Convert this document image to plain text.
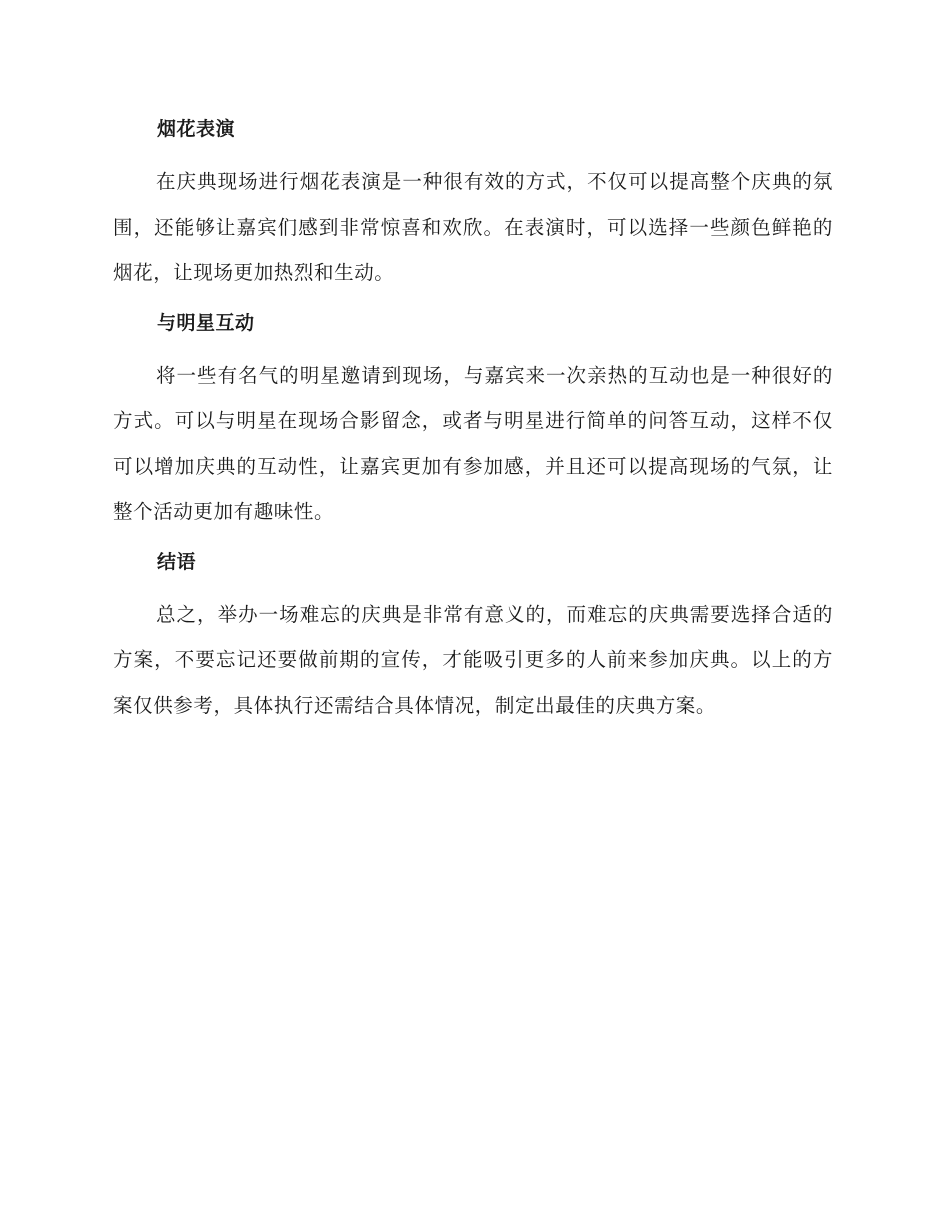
烟花表演

在庆典现场进行烟花表演是一种很有效的方式，不仅可以提高整个庆典的氛围，还能够让嘉宾们感到非常惊喜和欢欣。在表演时，可以选择一些颜色鲜艳的烟花，让现场更加热烈和生动。

与明星互动

将一些有名气的明星邀请到现场，与嘉宾来一次亲热的互动也是一种很好的方式。可以与明星在现场合影留念，或者与明星进行简单的问答互动，这样不仅可以增加庆典的互动性，让嘉宾更加有参加感，并且还可以提高现场的气氛，让整个活动更加有趣味性。

结语

总之，举办一场难忘的庆典是非常有意义的，而难忘的庆典需要选择合适的方案，不要忘记还要做前期的宣传，才能吸引更多的人前来参加庆典。以上的方案仅供参考，具体执行还需结合具体情况，制定出最佳的庆典方案。
